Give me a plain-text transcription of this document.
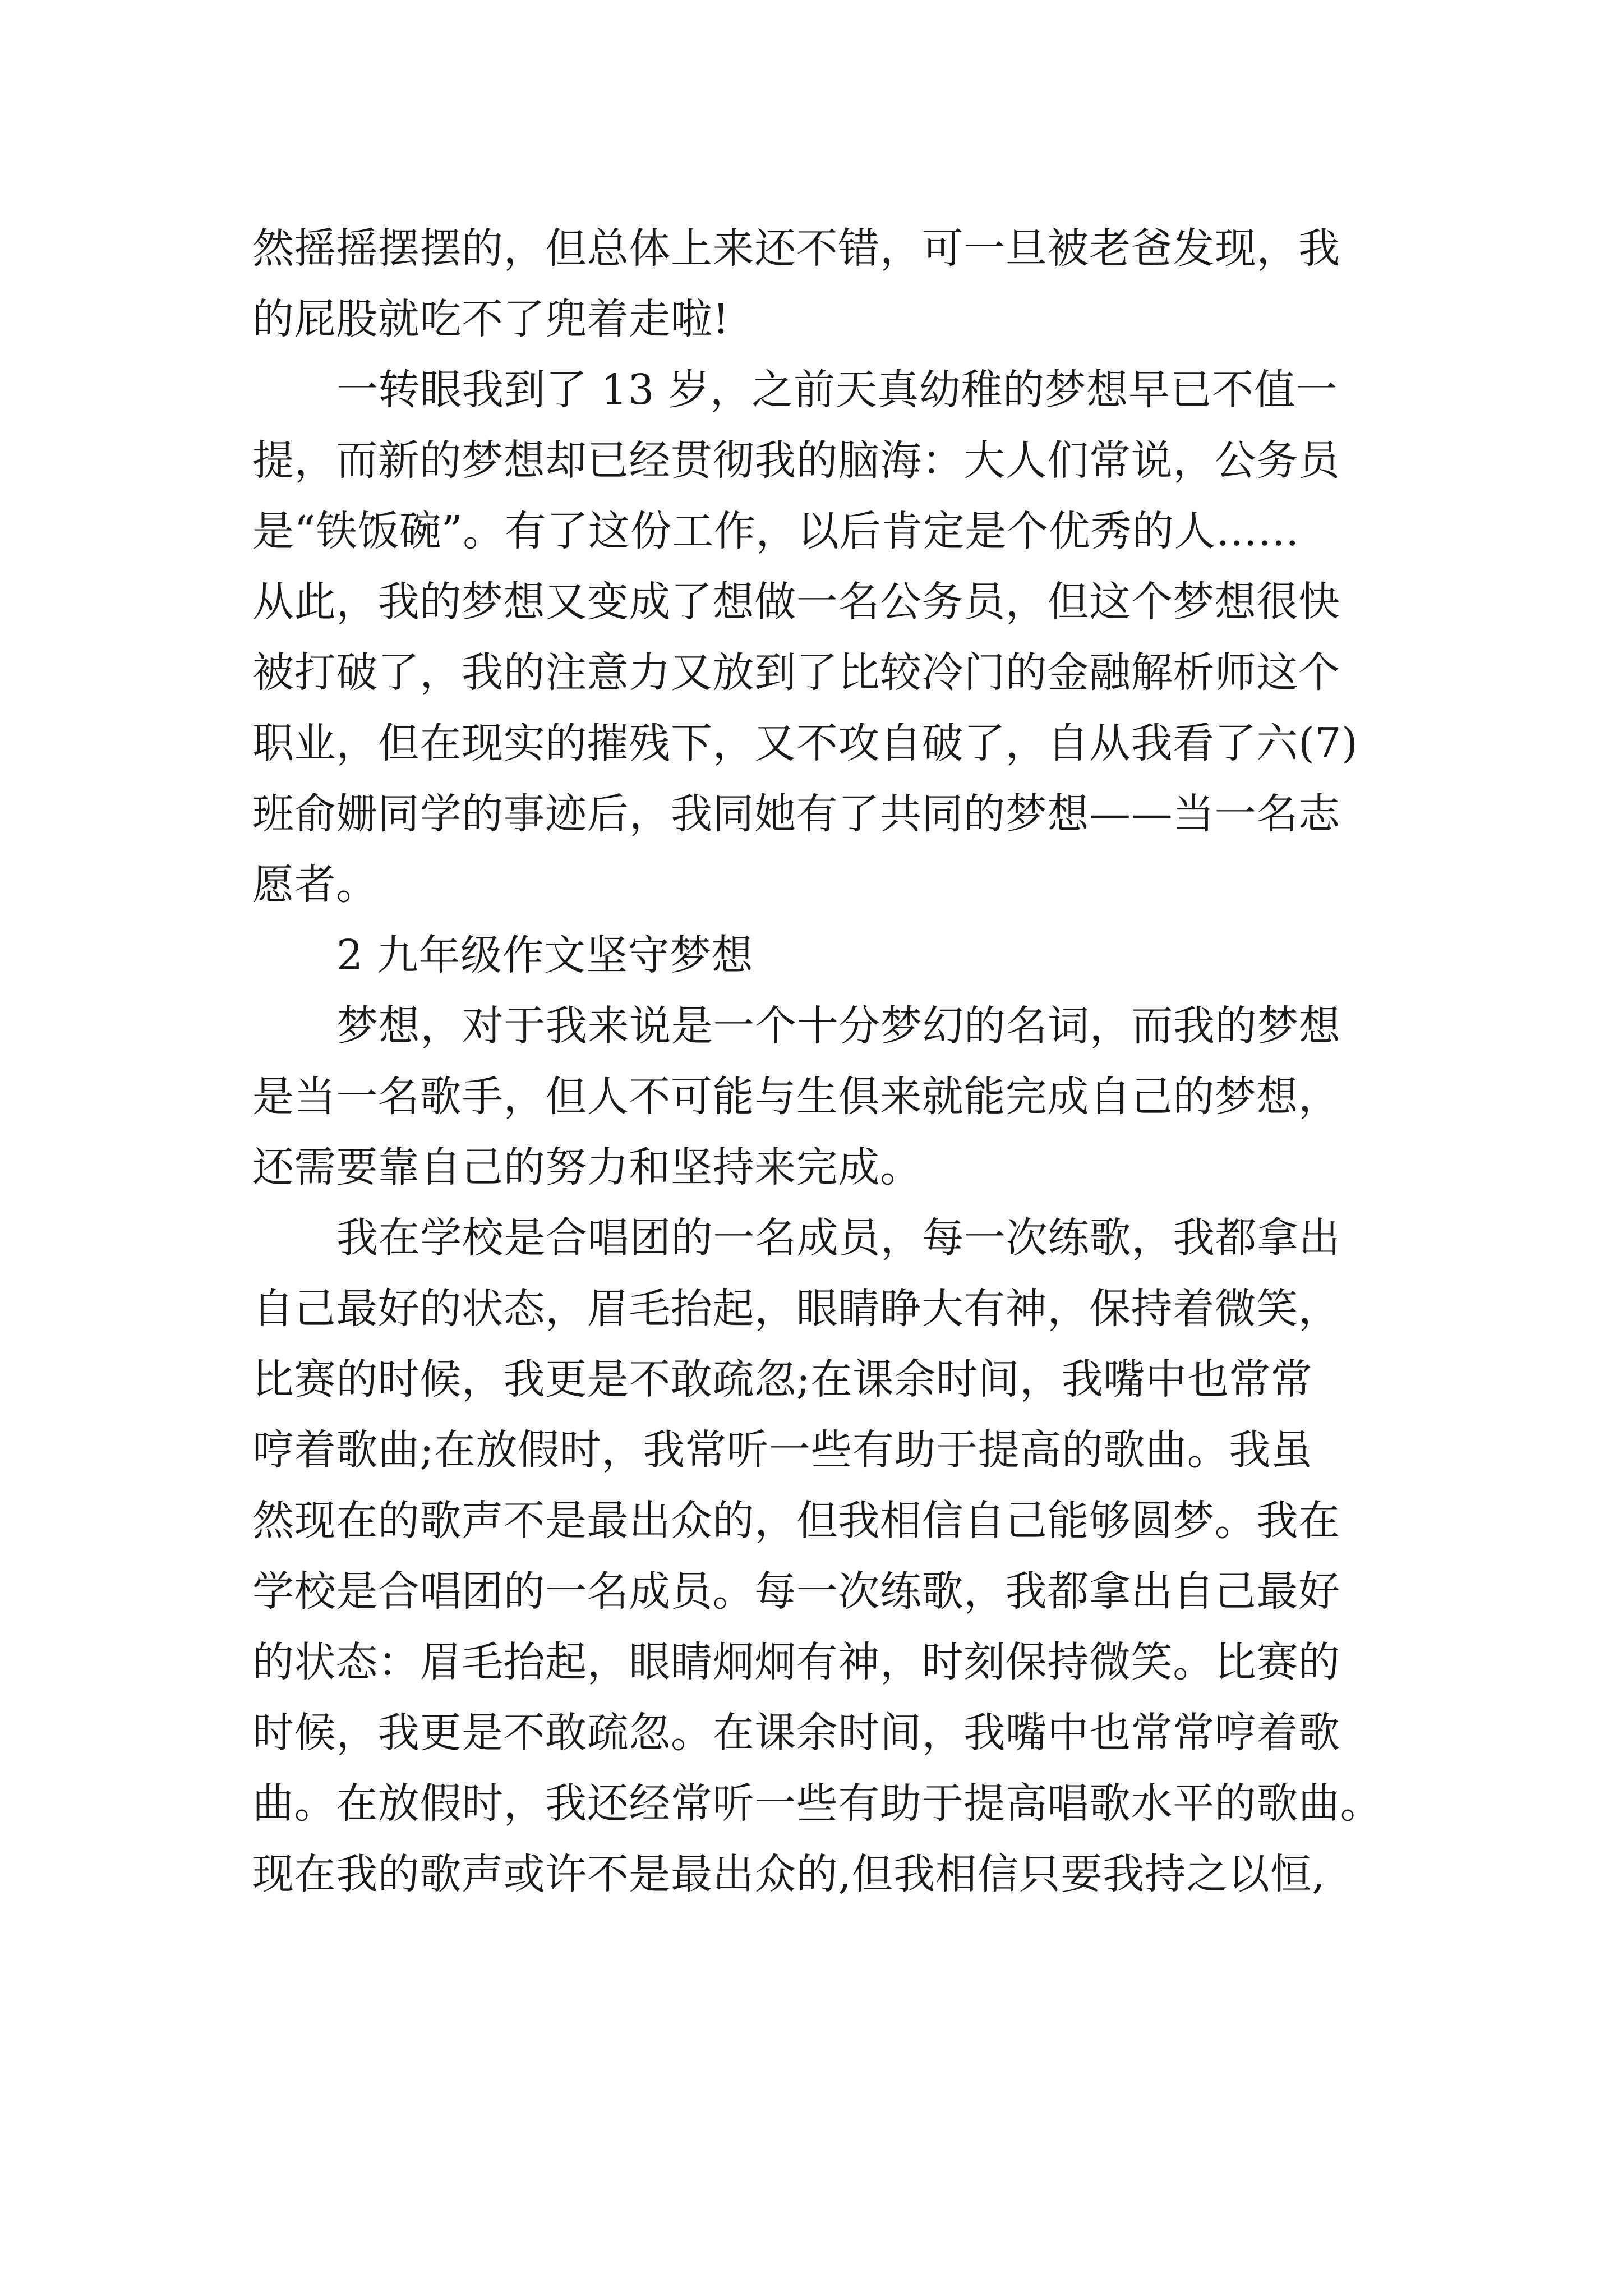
然摇摇摆摆的，但总体上来还不错，可一旦被老爸发现，我
的屁股就吃不了兜着走啦!
一转眼我到了 13 岁，之前天真幼稚的梦想早已不值一
提，而新的梦想却已经贯彻我的脑海：大人们常说，公务员
是“铁饭碗”。有了这份工作，以后肯定是个优秀的人……
从此，我的梦想又变成了想做一名公务员，但这个梦想很快
被打破了，我的注意力又放到了比较冷门的金融解析师这个
职业，但在现实的摧残下，又不攻自破了，自从我看了六(7)
班俞姗同学的事迹后，我同她有了共同的梦想——当一名志
愿者。
2 九年级作文坚守梦想
梦想，对于我来说是一个十分梦幻的名词，而我的梦想
是当一名歌手，但人不可能与生俱来就能完成自己的梦想，
还需要靠自己的努力和坚持来完成。
我在学校是合唱团的一名成员，每一次练歌，我都拿出
自己最好的状态，眉毛抬起，眼睛睁大有神，保持着微笑，
比赛的时候，我更是不敢疏忽;在课余时间，我嘴中也常常
哼着歌曲;在放假时，我常听一些有助于提高的歌曲。我虽
然现在的歌声不是最出众的，但我相信自己能够圆梦。我在
学校是合唱团的一名成员。每一次练歌，我都拿出自己最好
的状态：眉毛抬起，眼睛炯炯有神，时刻保持微笑。比赛的
时候，我更是不敢疏忽。在课余时间，我嘴中也常常哼着歌
曲。在放假时，我还经常听一些有助于提高唱歌水平的歌曲。
现在我的歌声或许不是最出众的,但我相信只要我持之以恒,
